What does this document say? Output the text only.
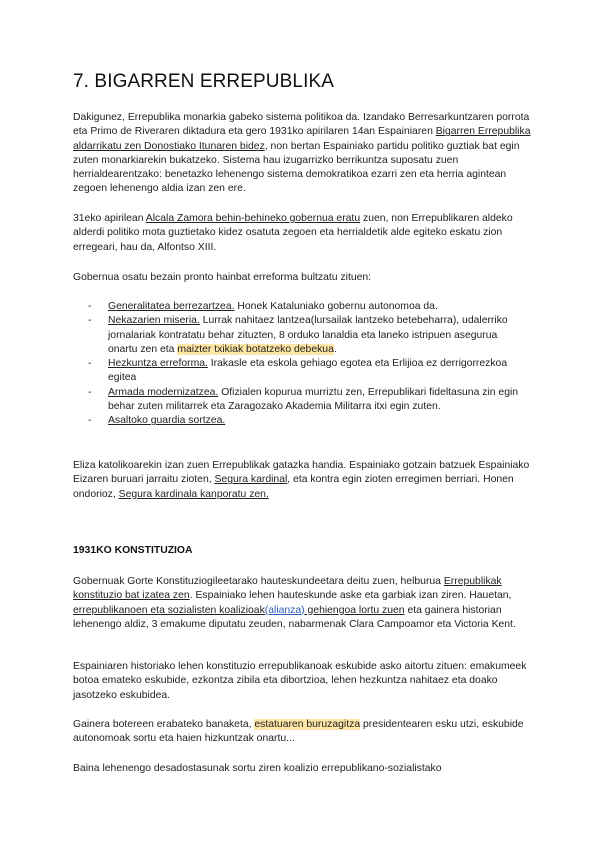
7. BIGARREN ERREPUBLIKA

Dakigunez, Errepublika monarkia gabeko sistema politikoa da. Izandako Berresarkuntzaren porrota eta Primo de Riveraren diktadura eta gero 1931ko apirilaren 14an Espainiaren Bigarren Errepublika aldarrikatu zen Donostiako Itunaren bidez, non bertan Espainiako partidu politiko guztiak bat egin zuten monarkiarekin bukatzeko. Sistema hau izugarrizko berrikuntza suposatu zuen herrialdearentzako: benetazko lehenengo sistema demokratikoa ezarri zen eta herria agintean zegoen lehenengo aldia izan zen ere.

31eko apirilean Alcala Zamora behin-behineko gobernua eratu zuen, non Errepublikaren aldeko alderdi politiko mota guztietako kidez osatuta zegoen eta herrialdetik alde egiteko eskatu zion erregeari, hau da, Alfontso XIII.

Gobernua osatu bezain pronto hainbat erreforma bultzatu zituen:

- Generalitatea berrezartzea. Honek Kataluniako gobernu autonomoa da.
- Nekazarien miseria. Lurrak nahitaez lantzea(lursailak lantzeko betebeharra), udalerriko jornalariak kontratatu behar zituzten, 8 orduko lanaldia eta laneko istripuen asegurua onartu zen eta maizter txikiak botatzeko debekua.
- Hezkuntza erreforma. Irakasle eta eskola gehiago egotea eta Erlijioa ez derrigorrezkoa egitea
- Armada modernizatzea. Ofizialen kopurua murriztu zen, Errepublikari fideltasuna zin egin behar zuten militarrek eta Zaragozako Akademia Militarra itxi egin zuten.
- Asaltoko guardia sortzea.

Eliza katolikoarekin izan zuen Errepublikak gatazka handia. Espainiako gotzain batzuek Espainiako Eizaren buruari jarraitu zioten, Segura kardinal, eta kontra egin zioten erregimen berriari. Honen ondorioz, Segura kardinala kanporatu zen.

1931KO KONSTITUZIOA

Gobernuak Gorte Konstituziogileetarako hauteskundeetara deitu zuen, helburua Errepublikak konstituzio bat izatea zen. Espainiako lehen hauteskunde aske eta garbiak izan ziren. Hauetan, errepublikanoen eta sozialisten koalizioak(alianza) gehiengoa lortu zuen eta gainera historian lehenengo aldiz, 3 emakume diputatu zeuden, nabarmenak Clara Campoamor eta Victoria Kent.

Espainiaren historiako lehen konstituzio errepublikanoak eskubide asko aitortu zituen: emakumeek botoa emateko eskubide, ezkontza zibila eta dibortzioa, lehen hezkuntza nahitaez eta doako jasotzeko eskubidea.

Gainera botereen erabateko banaketa, estatuaren buruzagitza presidentearen esku utzi, eskubide autonomoak sortu eta haien hizkuntzak onartu...

Baina lehenengo desadostasunak sortu ziren koalizio errepublikano-sozialistako
